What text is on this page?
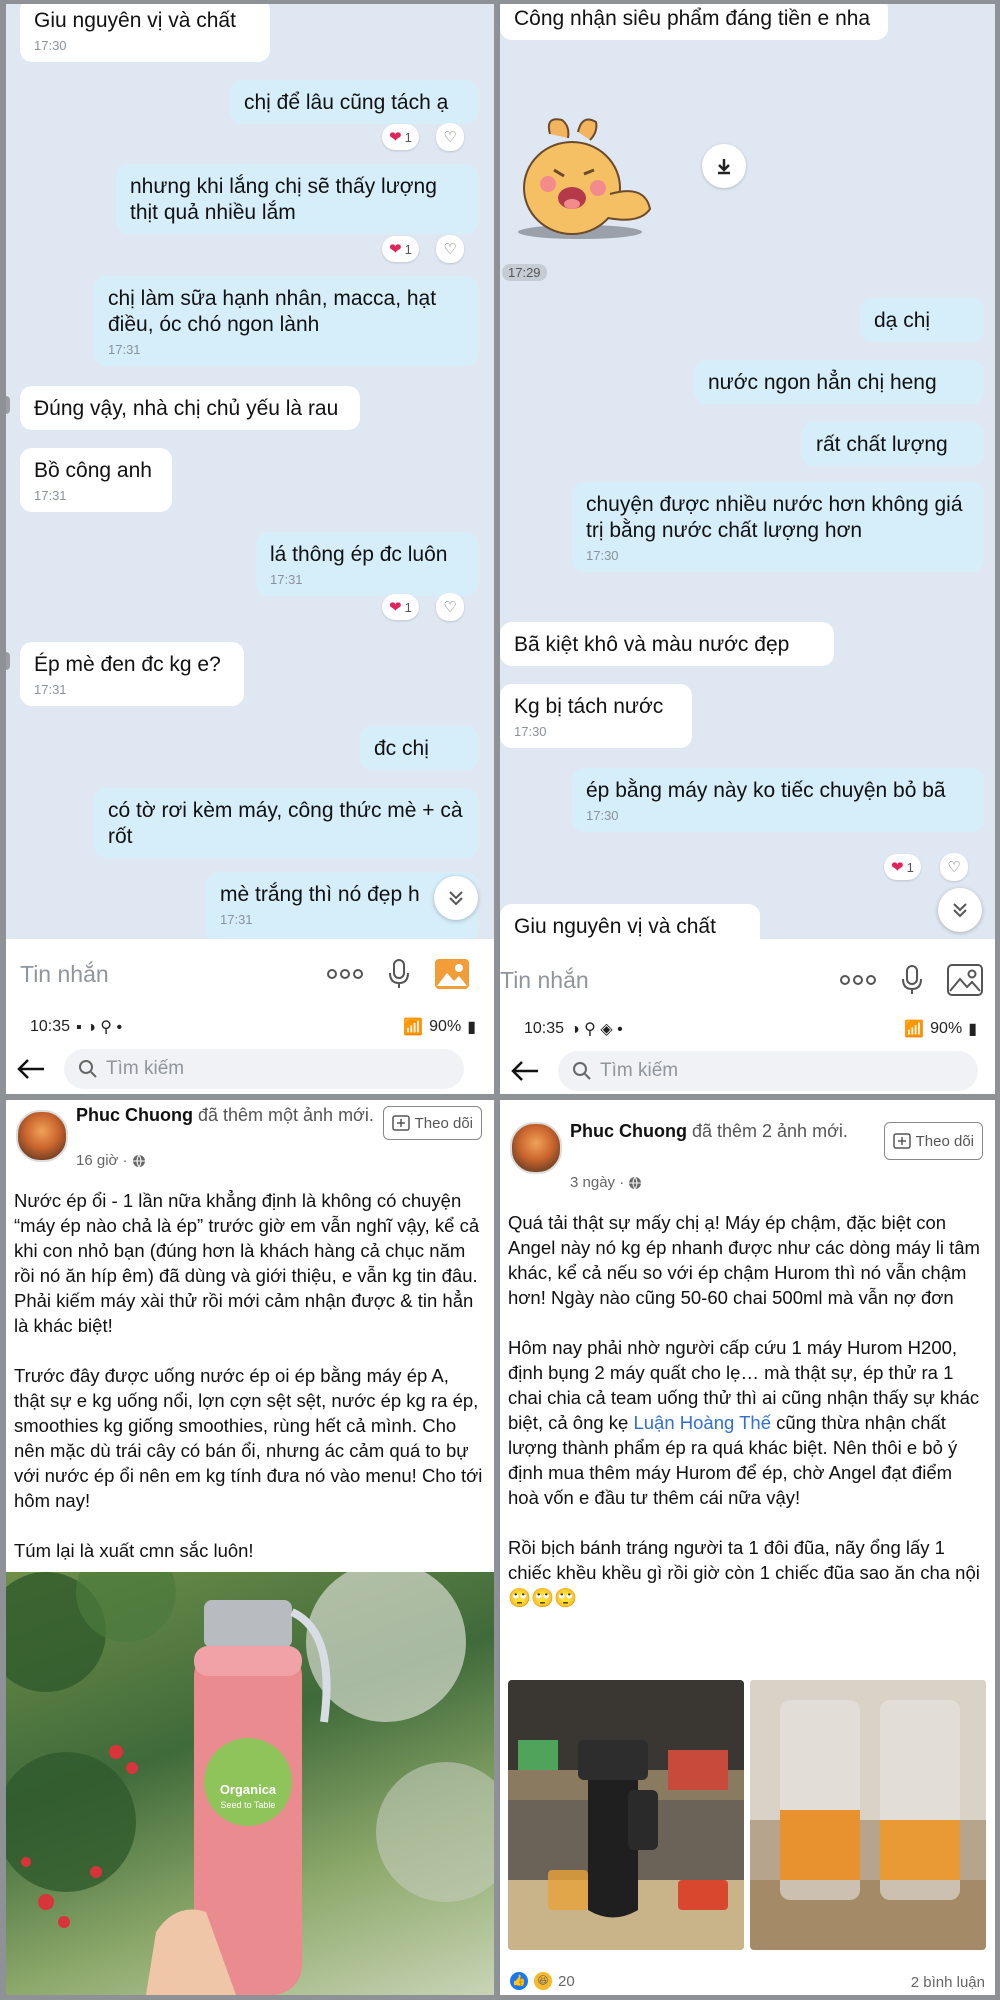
Giu nguyên vị và chất
17:30
chị để lâu cũng tách ạ
❤ 1 ♡
nhưng khi lắng chị sẽ thấy lượng thịt quả nhiều lắm
❤ 1 ♡
chị làm sữa hạnh nhân, macca, hạt điều, óc chó ngon lành
17:31
Đúng vậy, nhà chị chủ yếu là rau
Bồ công anh
17:31
lá thông ép đc luôn
17:31
❤ 1 ♡
Ép mè đen đc kg e?
17:31
đc chị
có tờ rơi kèm máy, công thức mè + cà rốt
mè trắng thì nó đẹp h
17:31
Tin nhắn
10:35 ▪ ◑ ⚲ •	📶 90% ▮
Tìm kiếm
Công nhận siêu phẩm đáng tiền e nha
17:29
dạ chị
nước ngon hẳn chị heng
rất chất lượng
chuyện được nhiều nước hơn không giá trị bằng nước chất lượng hơn
17:30
Bã kiệt khô và màu nước đẹp
Kg bị tách nước
17:30
ép bằng máy này ko tiếc chuyện bỏ bã
17:30
❤ 1 ♡
Giu nguyên vị và chất
Tin nhắn
10:35 ◑ ⚲ ◈ •	📶 90% ▮
Tìm kiếm
Phuc Chuong đã thêm một ảnh mới.
16 giờ ·
Theo dõi

Nước ép ổi - 1 lần nữa khẳng định là không có chuyện “máy ép nào chả là ép” trước giờ em vẫn nghĩ vậy, kể cả khi con nhỏ bạn (đúng hơn là khách hàng cả chục năm rồi nó ăn híp êm) đã dùng và giới thiệu, e vẫn kg tin đâu. Phải kiếm máy xài thử rồi mới cảm nhận được & tin hẳn là khác biệt!

Trước đây được uống nước ép oi ép bằng máy ép A, thật sự e kg uống nổi, lợn cợn sệt sệt, nước ép kg ra ép, smoothies kg giống smoothies, rùng hết cả mình. Cho nên mặc dù trái cây có bán ổi, nhưng ác cảm quá to bự với nước ép ổi nên em kg tính đưa nó vào menu! Cho tới hôm nay!

Túm lại là xuất cmn sắc luôn!

Organica
Seed to Table
Phuc Chuong đã thêm 2 ảnh mới.
3 ngày ·
Theo dõi

Quá tải thật sự mấy chị ạ! Máy ép chậm, đặc biệt con Angel này nó kg ép nhanh được như các dòng máy li tâm khác, kể cả nếu so với ép chậm Hurom thì nó vẫn chậm hơn! Ngày nào cũng 50-60 chai 500ml mà vẫn nợ đơn

Hôm nay phải nhờ người cấp cứu 1 máy Hurom H200, định bụng 2 máy quất cho lẹ… mà thật sự, ép thử ra 1 chai chia cả team uống thử thì ai cũng nhận thấy sự khác biệt, cả ông kẹ Luận Hoàng Thế cũng thừa nhận chất lượng thành phẩm ép ra quá khác biệt. Nên thôi e bỏ ý định mua thêm máy Hurom để ép, chờ Angel đạt điểm hoà vốn e đầu tư thêm cái nữa vậy!

Rồi bịch bánh tráng người ta 1 đôi đũa, nãy ổng lấy 1 chiếc khều khều gì rồi giờ còn 1 chiếc đũa sao ăn cha nội 🙄🙄🙄

👍 😆 20	2 bình luận
